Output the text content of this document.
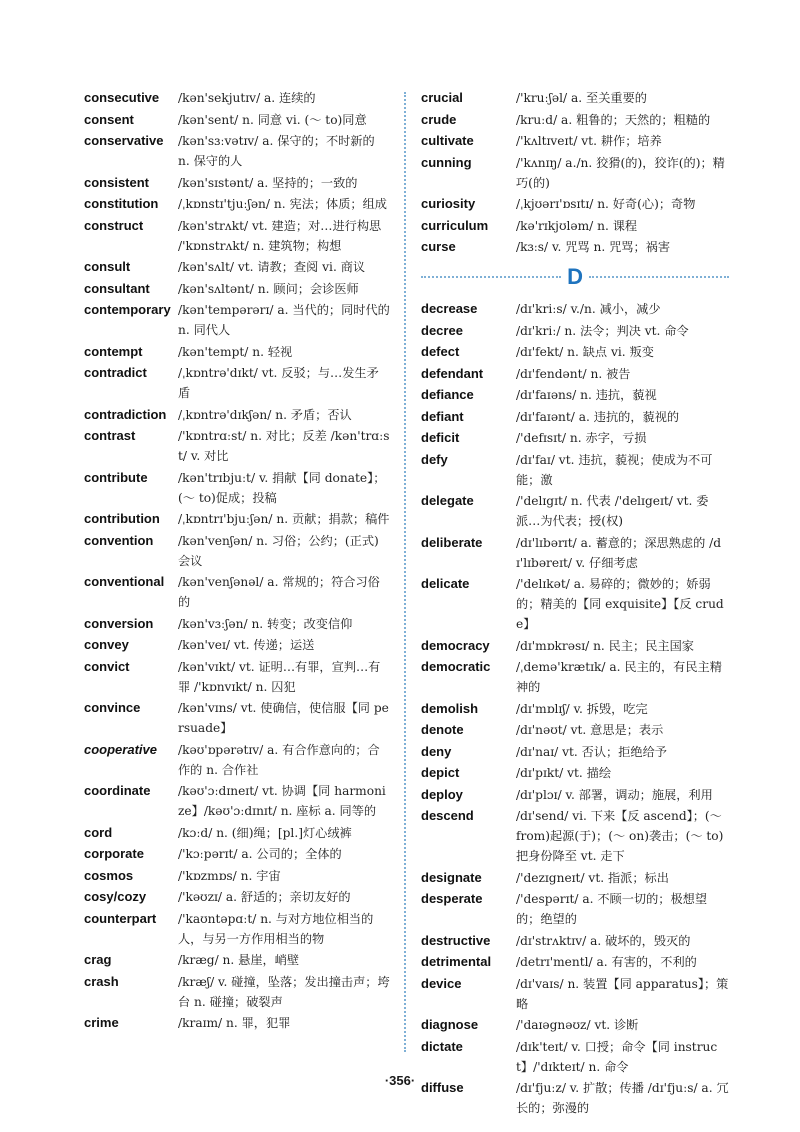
consecutive	/kən'sekjutɪv/ a. 连续的
consent	/kən'sent/ n. 同意 vi. (～ to)同意
conservative	/kən'sɜːvətɪv/ a. 保守的；不时新的 n. 保守的人
consistent	/kən'sɪstənt/ a. 坚持的；一致的
constitution	/ˌkɒnstɪ'tjuːʃən/ n. 宪法；体质；组成
construct	/kən'strʌkt/ vt. 建造；对…进行构思 /'kɒnstrʌkt/ n. 建筑物；构想
consult	/kən'sʌlt/ vt. 请教；查阅 vi. 商议
consultant	/kən'sʌltənt/ n. 顾问；会诊医师
contemporary /kən'tempərərɪ/ a. 当代的；同时代的 n. 同代人
contempt	/kən'tempt/ n. 轻视
contradict	/ˌkɒntrə'dɪkt/ vt. 反驳；与…发生矛盾
contradiction /ˌkɒntrə'dɪkʃən/ n. 矛盾；否认
contrast	/'kɒntrɑːst/ n. 对比；反差 /kən'trɑːst/ v. 对比
contribute	/kən'trɪbjuːt/ v. 捐献【同 donate】；(～ to)促成；投稿
contribution	/ˌkɒntrɪ'bjuːʃən/ n. 贡献；捐款；稿件
convention	/kən'venʃən/ n. 习俗；公约；(正式)会议
conventional	/kən'venʃənəl/ a. 常规的；符合习俗的
conversion	/kən'vɜːʃən/ n. 转变；改变信仰
convey	/kən'veɪ/ vt. 传递；运送
convict	/kən'vɪkt/ vt. 证明…有罪，宣判…有罪 /'kɒnvɪkt/ n. 囚犯
convince	/kən'vɪns/ vt. 使确信，使信服【同 persuade】
cooperative	/kəʊ'ɒpərətɪv/ a. 有合作意向的；合作的 n. 合作社
coordinate	/kəʊ'ɔːdɪneɪt/ vt. 协调【同 harmonize】/kəʊ'ɔːdɪnɪt/ n. 座标 a. 同等的
cord	/kɔːd/ n. (细)绳；[pl.]灯心绒裤
corporate	/'kɔːpərɪt/ a. 公司的；全体的
cosmos	/'kɒzmɒs/ n. 宇宙
cosy/cozy	/'kəʊzɪ/ a. 舒适的；亲切友好的
counterpart	/'kaʊntəpɑːt/ n. 与对方地位相当的人，与另一方作用相当的物
crag	/kræg/ n. 悬崖，峭壁
crash	/kræʃ/ v. 碰撞，坠落；发出撞击声；垮台 n. 碰撞；破裂声
crime	/kraɪm/ n. 罪，犯罪
crucial	/'kruːʃəl/ a. 至关重要的
crude	/kruːd/ a. 粗鲁的；天然的；粗糙的
cultivate	/'kʌltɪveɪt/ vt. 耕作；培养
cunning	/'kʌnɪŋ/ a./n. 狡猾(的)，狡诈(的)；精巧(的)
curiosity	/ˌkjʊərɪ'ɒsɪtɪ/ n. 好奇(心)；奇物
curriculum	/kə'rɪkjʊləm/ n. 课程
curse	/kɜːs/ v. 咒骂 n. 咒骂；祸害
D
decrease	/dɪ'kriːs/ v./n. 减小，减少
decree	/dɪ'kriː/ n. 法令；判决 vt. 命令
defect	/dɪ'fekt/ n. 缺点 vi. 叛变
defendant	/dɪ'fendənt/ n. 被告
defiance	/dɪ'faɪəns/ n. 违抗，藐视
defiant	/dɪ'faɪənt/ a. 违抗的，藐视的
deficit	/'defɪsɪt/ n. 赤字，亏损
defy	/dɪ'faɪ/ vt. 违抗，藐视；使成为不可能；激
delegate	/'delɪgɪt/ n. 代表 /'delɪgeɪt/ vt. 委派…为代表；授(权)
deliberate	/dɪ'lɪbərɪt/ a. 蓄意的；深思熟虑的 /dɪ'lɪbəreɪt/ v. 仔细考虑
delicate	/'delɪkət/ a. 易碎的；微妙的；娇弱的；精美的【同 exquisite】【反 crude】
democracy	/dɪ'mɒkrəsɪ/ n. 民主；民主国家
democratic	/ˌdemə'krætɪk/ a. 民主的，有民主精神的
demolish	/dɪ'mɒlɪʃ/ v. 拆毁，吃完
denote	/dɪ'nəʊt/ vt. 意思是；表示
deny	/dɪ'naɪ/ vt. 否认；拒绝给予
depict	/dɪ'pɪkt/ vt. 描绘
deploy	/dɪ'plɔɪ/ v. 部署，调动；施展，利用
descend	/dɪ'send/ vi. 下来【反 ascend】；(～ from)起源(于)；(～ on)袭击；(～ to)把身份降至 vt. 走下
designate	/'dezɪgneɪt/ vt. 指派；标出
desperate	/'despərɪt/ a. 不顾一切的；极想望的；绝望的
destructive	/dɪ'strʌktɪv/ a. 破坏的，毁灭的
detrimental	/detrɪ'mentl/ a. 有害的，不利的
device	/dɪ'vaɪs/ n. 装置【同 apparatus】；策略
diagnose	/'daɪəgnəʊz/ vt. 诊断
dictate	/dɪk'teɪt/ v. 口授；命令【同 instruct】/'dɪkteɪt/ n. 命令
diffuse	/dɪ'fjuːz/ v. 扩散；传播 /dɪ'fjuːs/ a. 冗长的；弥漫的
·356·
